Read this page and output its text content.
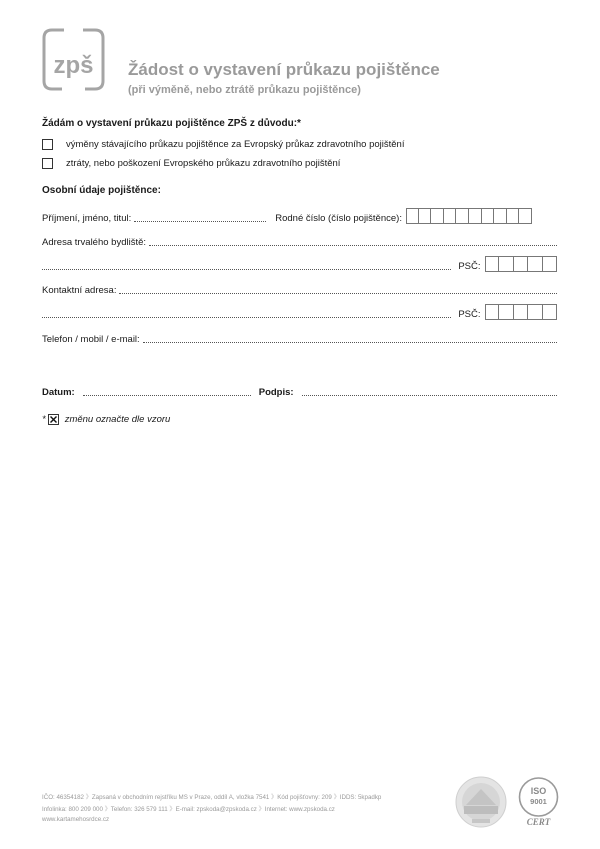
zpš Žádost o vystavení průkazu pojištěnce
(při výměně, nebo ztrátě průkazu pojištěnce)
Žádám o vystavení průkazu pojištěnce ZPŠ z důvodu:*
výměny stávajícího průkazu pojištěnce za Evropský průkaz zdravotního pojištění
ztráty, nebo poškození Evropského průkazu zdravotního pojištění
Osobní údaje pojištěnce:
Příjmení, jméno, titul:	Rodné číslo (číslo pojištěnce):
Adresa trvalého bydliště:
PSČ:
Kontaktní adresa:
PSČ:
Telefon / mobil / e-mail:
Datum:	Podpis:
* změnu označte dle vzoru
IČO: 46354182 》Zapsaná v obchodním rejstříku MS v Praze, oddíl A, vložka 7541 》Kód pojišťovny: 209 》IDDS: 5kpadkp
Infolinka: 800 209 000 》Telefon: 326 579 111 》E-mail: zpskoda@zpskoda.cz 》Internet: www.zpskoda.cz
www.kartamehosrdce.cz
ISO
9001
CERT
